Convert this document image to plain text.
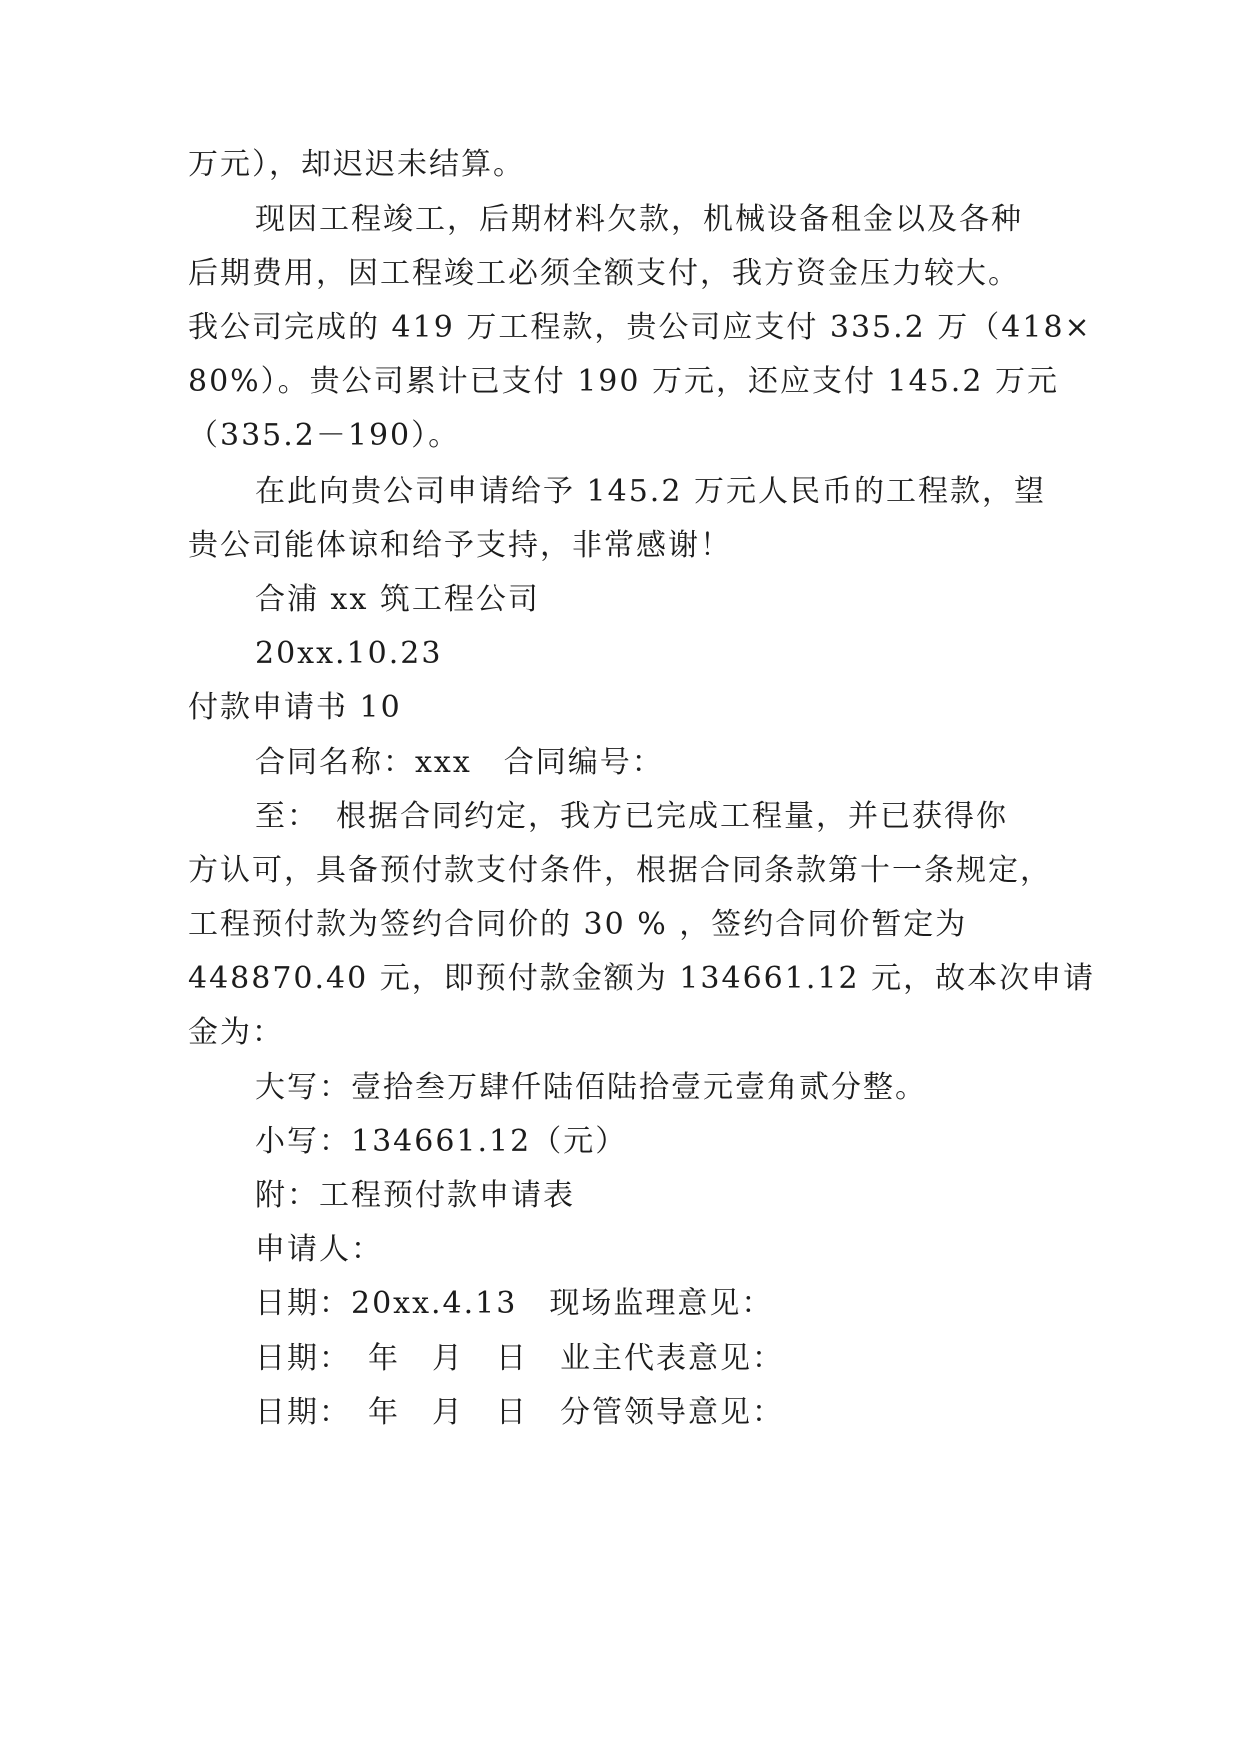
万元），却迟迟未结算。
现因工程竣工，后期材料欠款，机械设备租金以及各种
后期费用，因工程竣工必须全额支付，我方资金压力较大。
我公司完成的 419 万工程款，贵公司应支付 335.2 万（418×
80%）。贵公司累计已支付 190 万元，还应支付 145.2 万元
（335.2－190）。
在此向贵公司申请给予 145.2 万元人民币的工程款，望
贵公司能体谅和给予支持，非常感谢！
合浦 xx 筑工程公司
20xx.10.23
付款申请书 10
合同名称：xxx　合同编号：
至：　根据合同约定，我方已完成工程量，并已获得你
方认可，具备预付款支付条件，根据合同条款第十一条规定，
工程预付款为签约合同价的 30 % ，签约合同价暂定为
448870.40 元，即预付款金额为 134661.12 元，故本次申请
金为：
大写：壹拾叁万肆仟陆佰陆拾壹元壹角贰分整。
小写：134661.12（元）
附：工程预付款申请表
申请人：
日期：20xx.4.13　现场监理意见：
日期：　年　月　日　业主代表意见：
日期：　年　月　日　分管领导意见：
